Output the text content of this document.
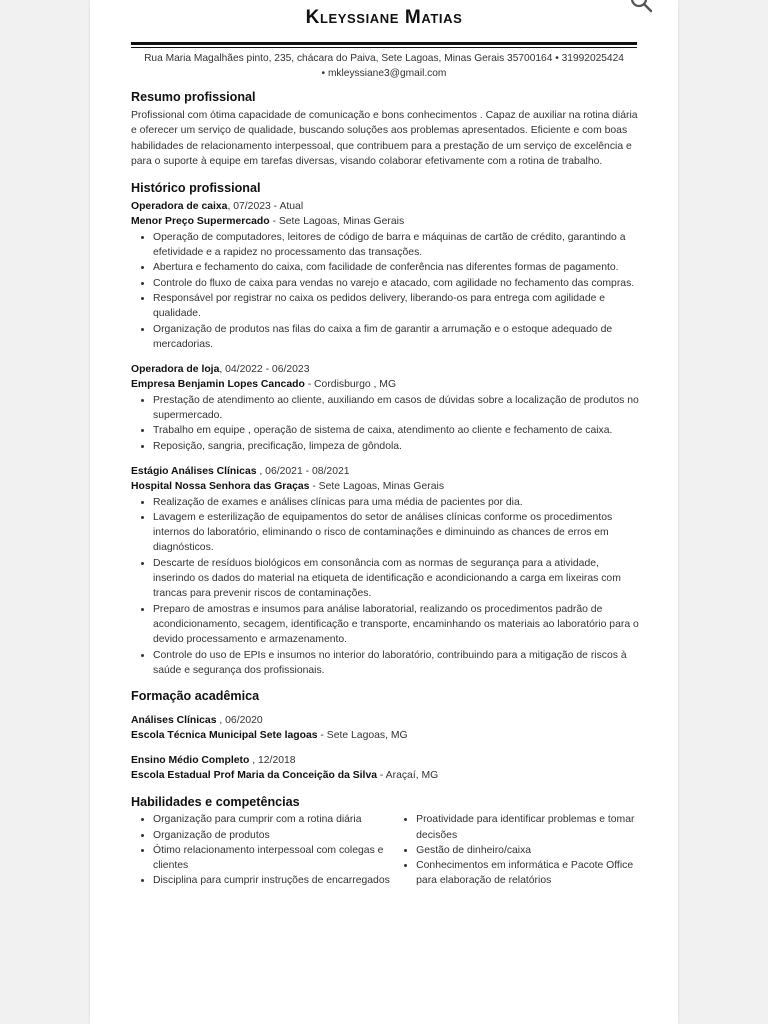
Kleyssiane Matias
Rua Maria Magalhães pinto, 235, chácara do Paiva, Sete Lagoas, Minas Gerais 35700164 • 31992025424
• mkleyssiane3@gmail.com
Resumo profissional

Profissional com ótima capacidade de comunicação e bons conhecimentos . Capaz de auxiliar na rotina diária e oferecer um serviço de qualidade, buscando soluções aos problemas apresentados. Eficiente e com boas habilidades de relacionamento interpessoal, que contribuem para a prestação de um serviço de excelência e para o suporte à equipe em tarefas diversas, visando colaborar efetivamente com a rotina de trabalho.

Histórico profissional
Operadora de caixa, 07/2023 - Atual
Menor Preço Supermercado - Sete Lagoas, Minas Gerais
• Operação de computadores, leitores de código de barra e máquinas de cartão de crédito, garantindo a efetividade e a rapidez no processamento das transações.
• Abertura e fechamento do caixa, com facilidade de conferência nas diferentes formas de pagamento.
• Controle do fluxo de caixa para vendas no varejo e atacado, com agilidade no fechamento das compras.
• Responsável por registrar no caixa os pedidos delivery, liberando-os para entrega com agilidade e qualidade.
• Organização de produtos nas filas do caixa a fim de garantir a arrumação e o estoque adequado de mercadorias.
Operadora de loja, 04/2022 - 06/2023
Empresa Benjamin Lopes Cancado - Cordisburgo , MG
• Prestação de atendimento ao cliente, auxiliando em casos de dúvidas sobre a localização de produtos no supermercado.
• Trabalho em equipe , operação de sistema de caixa, atendimento ao cliente e fechamento de caixa.
• Reposição, sangria, precificação, limpeza de gôndola.
Estágio Análises Clínicas , 06/2021 - 08/2021
Hospital Nossa Senhora das Graças - Sete Lagoas, Minas Gerais
• Realização de exames e análises clínicas para uma média de pacientes por dia.
• Lavagem e esterilização de equipamentos do setor de análises clínicas conforme os procedimentos internos do laboratório, eliminando o risco de contaminações e diminuindo as chances de erros em diagnósticos.
• Descarte de resíduos biológicos em consonância com as normas de segurança para a atividade, inserindo os dados do material na etiqueta de identificação e acondicionando a carga em lixeiras com trancas para prevenir riscos de contaminações.
• Preparo de amostras e insumos para análise laboratorial, realizando os procedimentos padrão de acondicionamento, secagem, identificação e transporte, encaminhando os materiais ao laboratório para o devido processamento e armazenamento.
• Controle do uso de EPIs e insumos no interior do laboratório, contribuindo para a mitigação de riscos à saúde e segurança dos profissionais.
Formação acadêmica
Análises Clínicas , 06/2020
Escola Técnica Municipal Sete lagoas - Sete Lagoas, MG
Ensino Médio Completo , 12/2018
Escola Estadual Prof Maria da Conceição da Silva - Araçaí, MG
Habilidades e competências
• Organização para cumprir com a rotina diária
• Organização de produtos
• Ótimo relacionamento interpessoal com colegas e clientes
• Disciplina para cumprir instruções de encarregados
• Proatividade para identificar problemas e tomar decisões
• Gestão de dinheiro/caixa
• Conhecimentos em informática e Pacote Office para elaboração de relatórios
